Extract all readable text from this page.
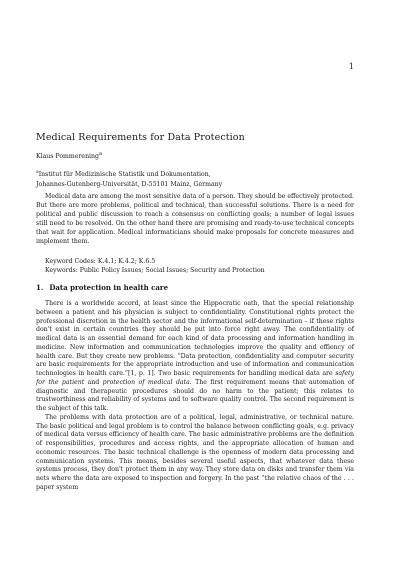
1
Medical Requirements for Data Protection
Klaus Pommerening$^a$
$^a$Institut für Medizinische Statistik und Dokumentation,
Johannes-Gutenberg-Universität, D-55101 Mainz, Germany
Medical data are among the most sensitive data of a person. They should be effectively protected. But there are more problems, political and technical, than successful solutions. There is a need for political and public discussion to reach a consensus on conflicting goals; a number of legal issues still need to be resolved. On the other hand there are promising and ready-to-use technical concepts that wait for application. Medical informaticians should make proposals for concrete measures and implement them.
Keyword Codes: K.4.1; K.4.2; K.6.5
Keywords: Public Policy Issues; Social Issues; Security and Protection
1. Data protection in health care

There is a worldwide accord, at least since the Hippocratic oath, that the special relationship between a patient and his physician is subject to confidentiality. Constitutional rights protect the professional discretion in the health sector and the informational self-determination – if these rights don't exist in certain countries they should be put into force right away. The confidentiality of medical data is an essential demand for each kind of data processing and information handling in medicine. New information and communication technologies improve the quality and effiency of health care. But they create new problems. “Data protection, confidentiality and computer security are basic requirements for the appropriate introduction and use of information and communication technologies in health care.”[1, p. 1]. Two basic requirements for handling medical data are safety for the patient and protection of medical data. The first requirement means that automation of diagnostic and therapeutic procedures should do no harm to the patient; this relates to trustworthiness and reliability of systems and to software quality control. The second requirement is the subject of this talk.

The problems with data protection are of a political, legal, administrative, or technical nature. The basic political and legal problem is to control the balance between conflicting goals, e.g. privacy of medical data versus efficiency of health care. The basic administrative problems are the definition of responsibilities, procedures and access rights, and the appropriate allocation of human and economic resources. The basic technical challenge is the openness of modern data processing and communication systems. This means, besides several useful aspects, that whatever data these systems process, they don't protect them in any way. They store data on disks and transfer them via nets where the data are exposed to inspection and forgery. In the past “the relative chaos of the . . . paper system
